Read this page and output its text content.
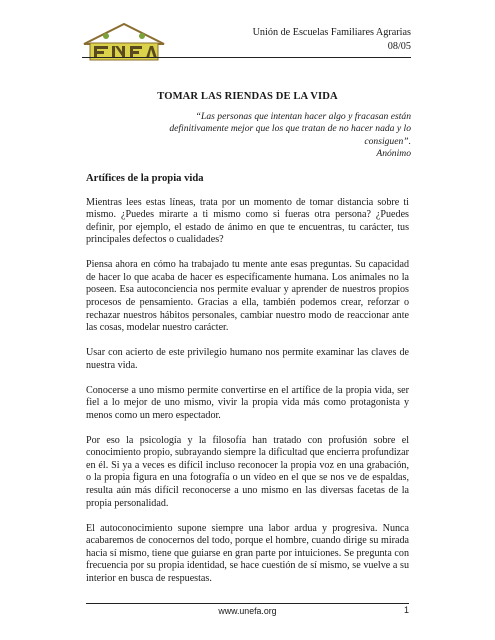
Unión de Escuelas Familiares Agrarias
08/05
TOMAR LAS RIENDAS DE LA VIDA
“Las personas que intentan hacer algo y fracasan están definitivamente mejor que los que tratan de no hacer nada y lo consiguen”.
Anónimo
Artífices de la propia vida

Mientras lees estas líneas, trata por un momento de tomar distancia sobre ti mismo. ¿Puedes mirarte a ti mismo como si fueras otra persona? ¿Puedes definir, por ejemplo, el estado de ánimo en que te encuentras, tu carácter, tus principales defectos o cualidades?

Piensa ahora en cómo ha trabajado tu mente ante esas preguntas. Su capacidad de hacer lo que acaba de hacer es específicamente humana. Los animales no la poseen. Esa autoconciencia nos permite evaluar y aprender de nuestros propios procesos de pensamiento. Gracias a ella, también podemos crear, reforzar o rechazar nuestros hábitos personales, cambiar nuestro modo de reaccionar ante las cosas, modelar nuestro carácter.

Usar con acierto de este privilegio humano nos permite examinar las claves de nuestra vida.

Conocerse a uno mismo permite convertirse en el artífice de la propia vida, ser fiel a lo mejor de uno mismo, vivir la propia vida más como protagonista y menos como un mero espectador.

Por eso la psicología y la filosofía han tratado con profusión sobre el conocimiento propio, subrayando siempre la dificultad que encierra profundizar en él. Si ya a veces es difícil incluso reconocer la propia voz en una grabación, o la propia figura en una fotografía o un vídeo en el que se nos ve de espaldas, resulta aún más difícil reconocerse a uno mismo en las diversas facetas de la propia personalidad.

El autoconocimiento supone siempre una labor ardua y progresiva. Nunca acabaremos de conocernos del todo, porque el hombre, cuando dirige su mirada hacia sí mismo, tiene que guiarse en gran parte por intuiciones. Se pregunta con frecuencia por su propia identidad, se hace cuestión de sí mismo, se vuelve a su interior en busca de respuestas.

www.unefa.org	1
